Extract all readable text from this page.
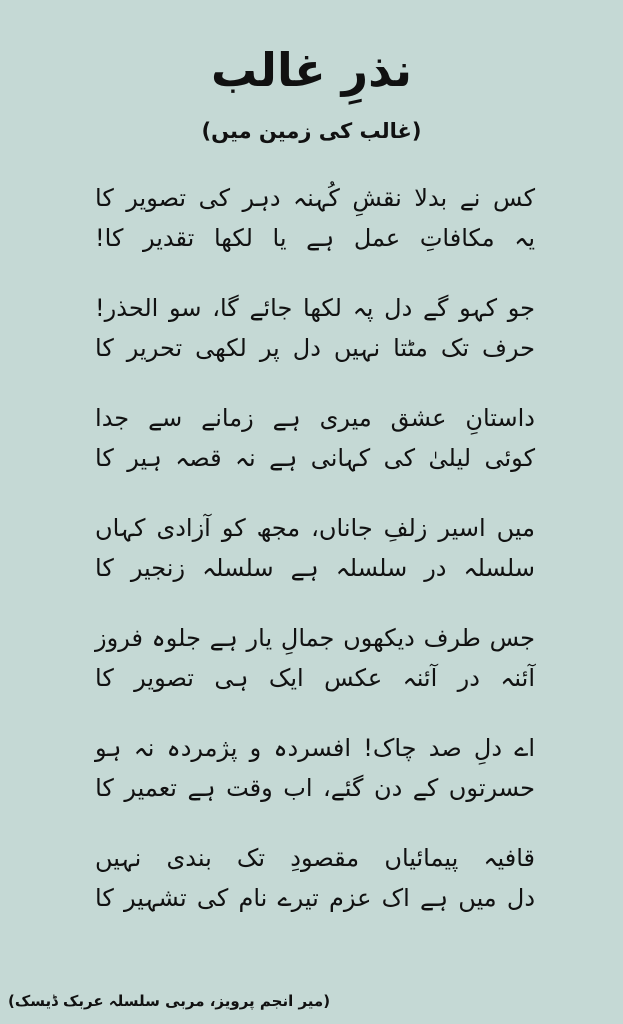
نذرِ غالب
(غالب کی زمین میں)
کس
نے
بدلا
نقشِ
کُہنہ
دہر
کی
تصویر
کا
یہ
مکافاتِ
عمل
ہے
یا
لکھا
تقدیر
کا!
جو
کہو
گے
دل
پہ
لکھا
جائے
گا،
سو
الحذر!
حرف
تک
مٹتا
نہیں
دل
پر
لکھی
تحریر
کا
داستانِ
عشق
میری
ہے
زمانے
سے
جدا
کوئی
لیلیٰ
کی
کہانی
ہے
نہ
قصہ
ہیر
کا
میں
اسیر
زلفِ
جاناں،
مجھ
کو
آزادی
کہاں
سلسلہ
در
سلسلہ
ہے
سلسلہ
زنجیر
کا
جس
طرف
دیکھوں
جمالِ
یار
ہے
جلوہ
فروز
آئنہ
در
آئنہ
عکس
ایک
ہی
تصویر
کا
اے
دلِ
صد
چاک!
افسردہ
و
پژمردہ
نہ
ہو
حسرتوں
کے
دن
گئے،
اب
وقت
ہے
تعمیر
کا
قافیہ
پیمائیاں
مقصودِ
تک
بندی
نہیں
دل
میں
ہے
اک
عزم
تیرے
نام
کی
تشہیر
کا
(میر انجم پرویز، مربی سلسلہ عربک ڈیسک)
